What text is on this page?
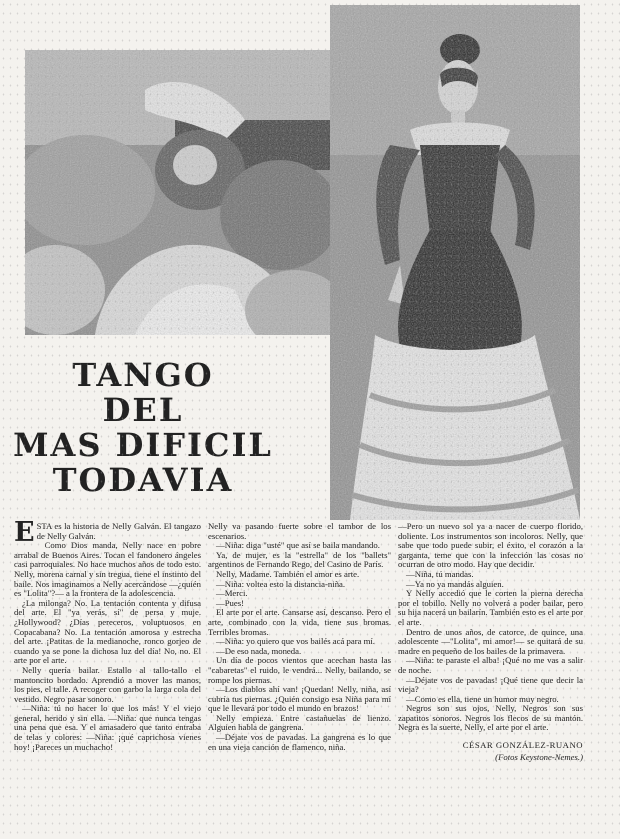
TANGO
DEL
MAS DIFICIL
TODAVIA

ESTA es la historia de Nelly Galván. El tangazo de Nelly Galván.

Como Dios manda, Nelly nace en pobre arrabal de Buenos Aires. Tocan el fandonero ángeles casi parroquiales. No hace muchos años de todo esto. Nelly, morena carnal y sin tregua, tiene el instinto del baile. Nos imaginamos a Nelly acercándose —¿quién es "Lolita"?— a la frontera de la adolescencia.

¿La milonga? No. La tentación contenta y difusa del arte. El "ya verás, sí" de persa y muje. ¿Hollywood? ¿Días pereceros, voluptuosos en Copacabana? No. La tentación amorosa y estrecha del arte. ¡Patitas de la medianoche, ronco gorjeo de cuando ya se pone la dichosa luz del día! No, no. El arte por el arte.

Nelly quería bailar. Estallo al tallo-tallo el mantoncito bordado. Aprendió a mover las manos, los pies, el talle. A recoger con garbo la larga cola del vestido. Negro pasar sonoro.

—Niña: tú no hacer lo que los más! Y el viejo general, herido y sin ella. —Niña: que nunca tengas una pena que esa. Y el amasadero que tanto entraba de telas y colores: —Niña: ¡qué caprichosa vienes hoy! ¡Pareces un muchacho!

Nelly va pasando fuerte sobre el tambor de los escenarios.

—Niña: diga "usté" que así se baila mandando.

Ya, de mujer, es la "estrella" de los "ballets" argentinos de Fernando Rego, del Casino de París.

Nelly, Madame. También el amor es arte.

—Niña: voltea esto la distancia-niña.

—Merci.

—Pues!

El arte por el arte. Cansarse así, descanso. Pero el arte, combinado con la vida, tiene sus bromas. Terribles bromas.

—Niña: yo quiero que vos bailés acá para mí.

—De eso nada, moneda.

Un día de pocos vientos que acechan hasta las "cabaretas" el ruido, le vendrá... Nelly, bailando, se rompe los piernas.

—Los diablos ahí van! ¡Quedan! Nelly, niña, así cubría tus piernas. ¿Quién consigo esa Niña para mí que le llevará por todo el mundo en brazos!

Nelly empieza. Entre castañuelas de lienzo. Alguien habla de gangrena.

—Déjate vos de pavadas. La gangrena es lo que en una vieja canción de flamenco, niña.

—Pero un nuevo sol ya a nacer de cuerpo florido, doliente. Los instrumentos son incoloros. Nelly, que sabe que todo puede subir, el éxito, el corazón a la garganta, teme que con la infección las cosas no ocurran de otro modo. Hay que decidir.

—Niña, tú mandas.

—Ya no ya mandás alguien.

Y Nelly accedió que le corten la pierna derecha por el tobillo. Nelly no volverá a poder bailar, pero su hija nacerá un bailarín. También esto es el arte por el arte.

Dentro de unos años, de catorce, de quince, una adolescente —"Lolita", mi amor!— se quitará de su madre en pequeño de los bailes de la primavera.

—Niña: te paraste el alba! ¡Qué no me vas a salir de noche.

—Déjate vos de pavadas! ¡Qué tiene que decir la vieja?

—Como es ella, tiene un humor muy negro.

Negros son sus ojos, Nelly, Negros son sus zapatitos sonoros. Negros los flecos de su mantón. Negra es la suerte, Nelly, el arte por el arte.

CÉSAR GONZÁLEZ-RUANO
(Fotos Keystone-Nemes.)
